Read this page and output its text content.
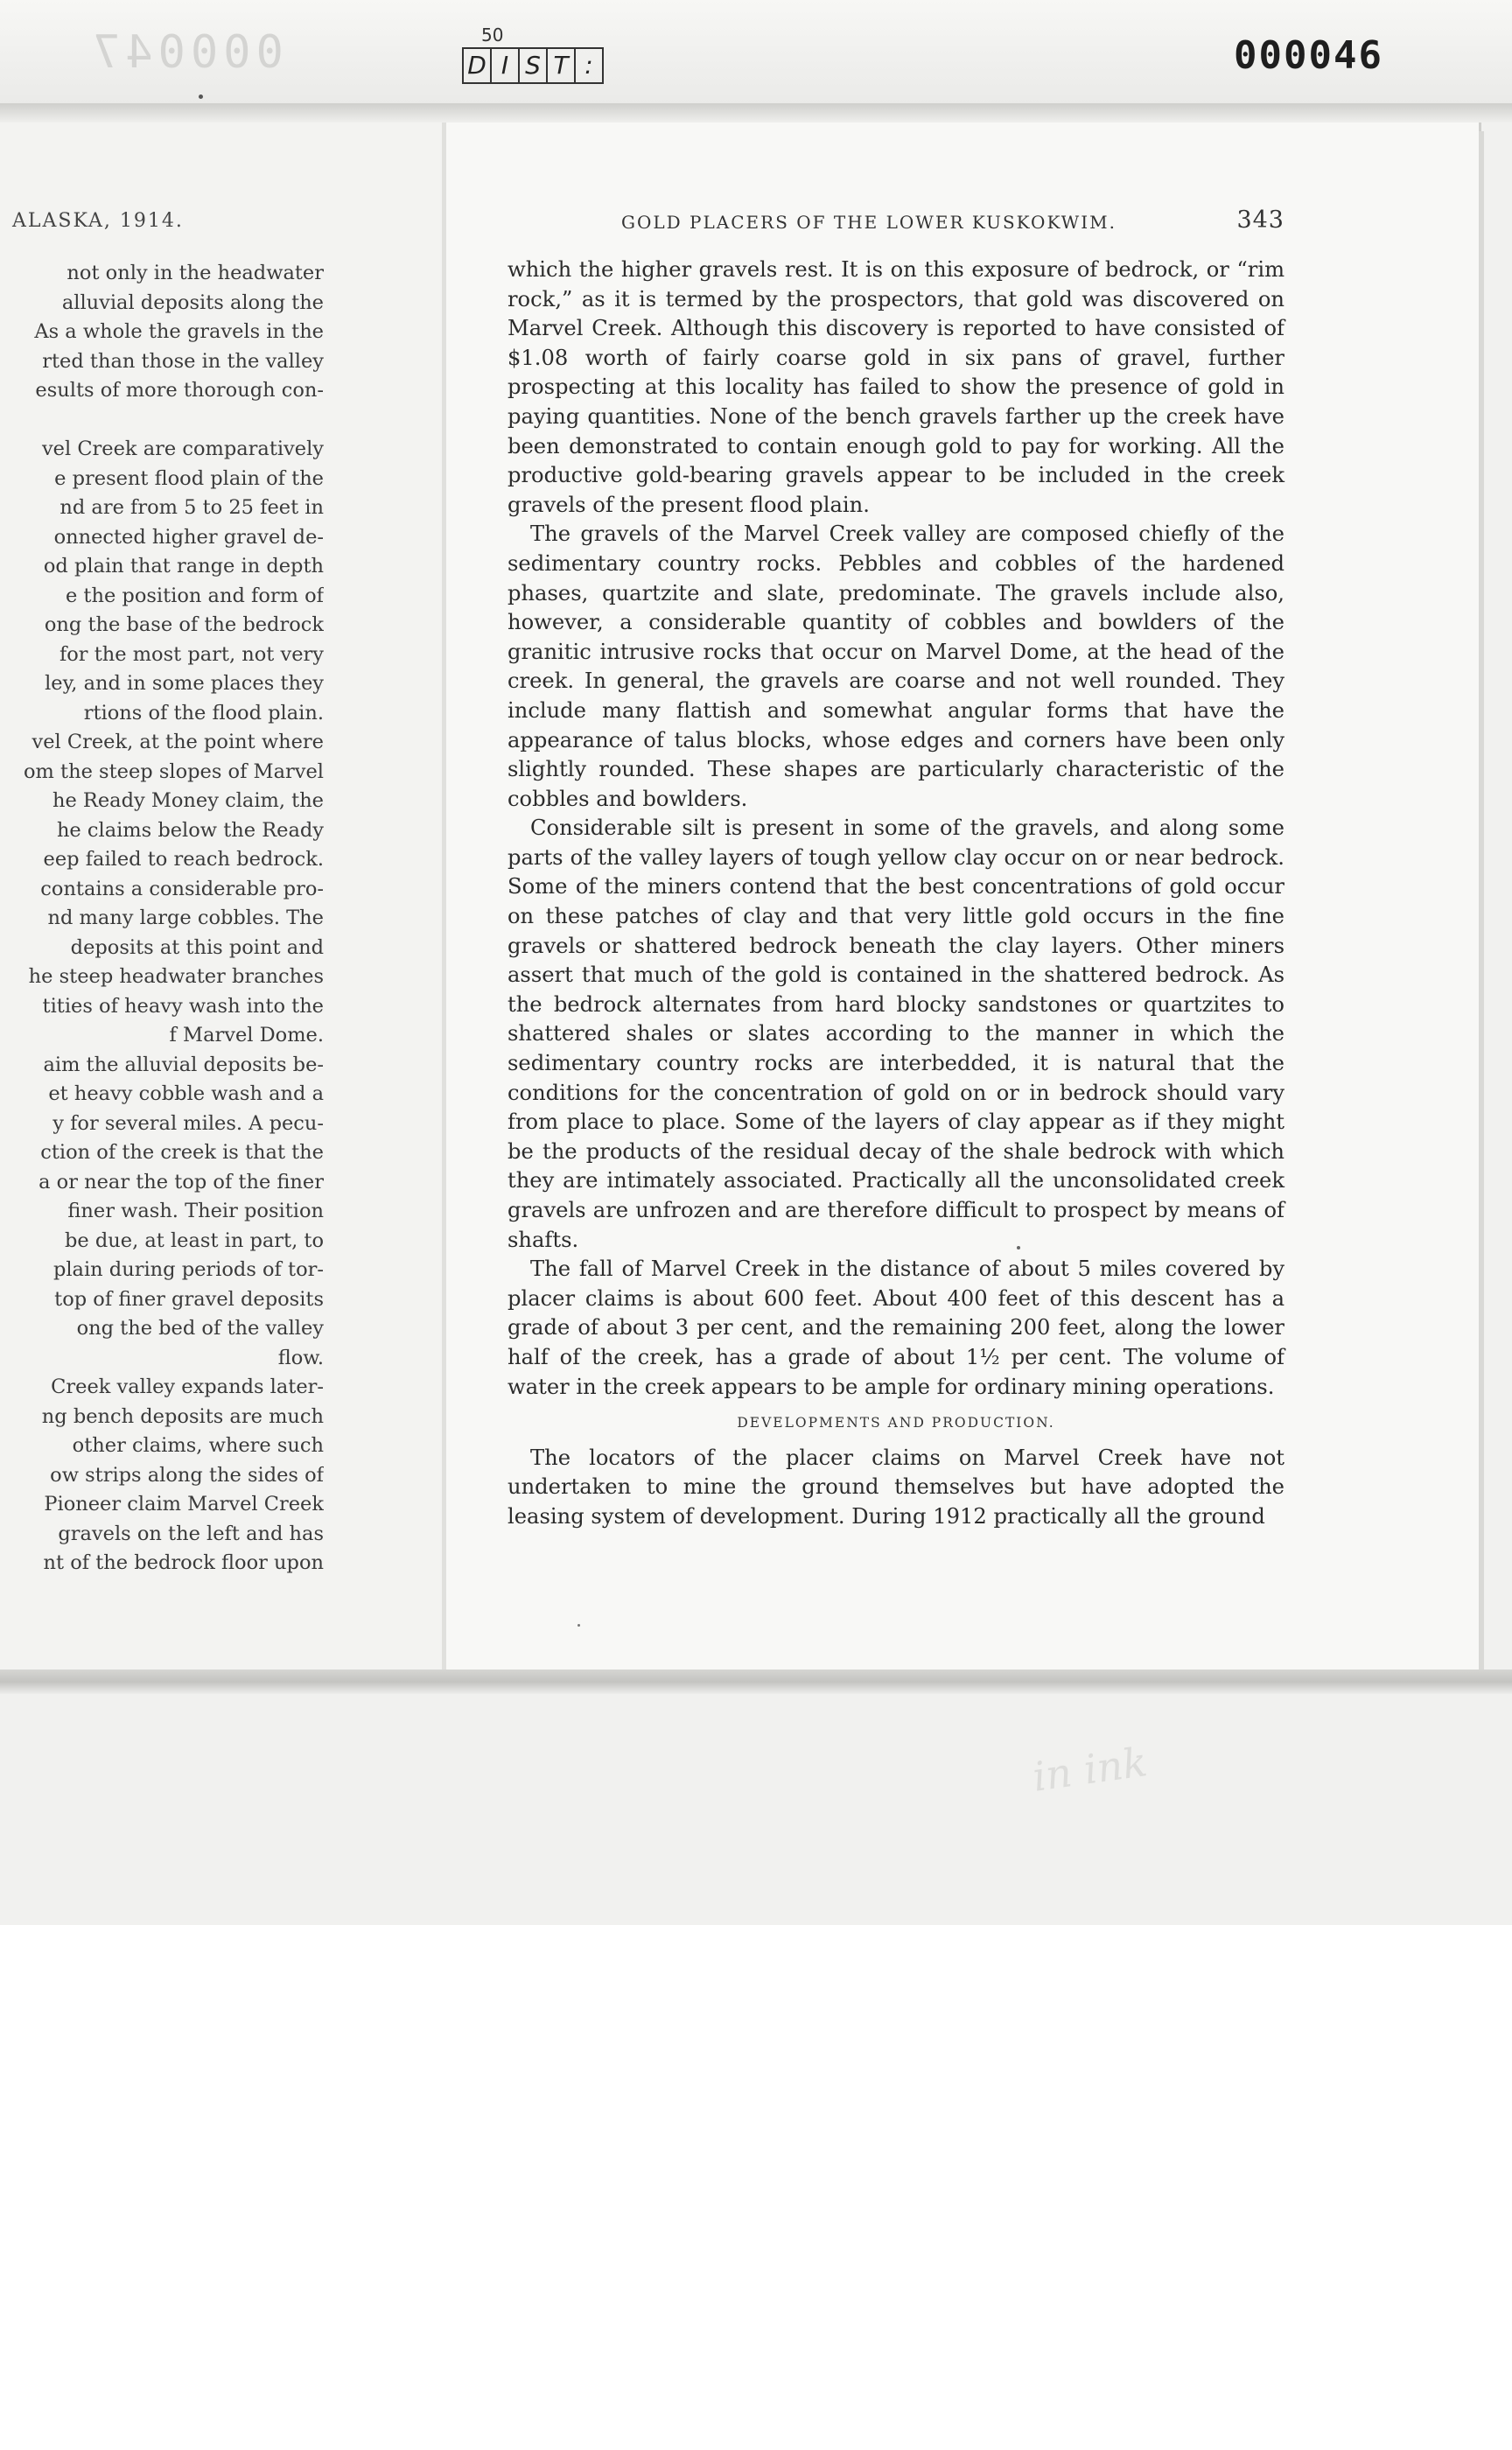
000047	50
D I S T :	000046
ALASKA, 1914.
not only in the headwater
alluvial deposits along the
As a whole the gravels in the
rted than those in the valley
esults of more thorough con-

vel Creek are comparatively
e present flood plain of the
nd are from 5 to 25 feet in
onnected higher gravel de-
od plain that range in depth
e the position and form of
ong the base of the bedrock
for the most part, not very
ley, and in some places they
rtions of the flood plain.
vel Creek, at the point where
om the steep slopes of Marvel
he Ready Money claim, the
he claims below the Ready
eep failed to reach bedrock.
contains a considerable pro-
nd many large cobbles. The
deposits at this point and
he steep headwater branches
tities of heavy wash into the
f Marvel Dome.
aim the alluvial deposits be-
et heavy cobble wash and a
y for several miles. A pecu-
ction of the creek is that the
a or near the top of the finer
finer wash. Their position
be due, at least in part, to
plain during periods of tor-
top of finer gravel deposits
ong the bed of the valley
flow.
Creek valley expands later-
ng bench deposits are much
other claims, where such
ow strips along the sides of
Pioneer claim Marvel Creek
gravels on the left and has
nt of the bedrock floor upon
GOLD PLACERS OF THE LOWER KUSKOKWIM.	343

which the higher gravels rest. It is on this exposure of bedrock, or “rim rock,” as it is termed by the prospectors, that gold was discovered on Marvel Creek. Although this discovery is reported to have consisted of $1.08 worth of fairly coarse gold in six pans of gravel, further prospecting at this locality has failed to show the presence of gold in paying quantities. None of the bench gravels farther up the creek have been demonstrated to contain enough gold to pay for working. All the productive gold-bearing gravels appear to be included in the creek gravels of the present flood plain.

The gravels of the Marvel Creek valley are composed chiefly of the sedimentary country rocks. Pebbles and cobbles of the hardened phases, quartzite and slate, predominate. The gravels include also, however, a considerable quantity of cobbles and bowlders of the granitic intrusive rocks that occur on Marvel Dome, at the head of the creek. In general, the gravels are coarse and not well rounded. They include many flattish and somewhat angular forms that have the appearance of talus blocks, whose edges and corners have been only slightly rounded. These shapes are particularly characteristic of the cobbles and bowlders.

Considerable silt is present in some of the gravels, and along some parts of the valley layers of tough yellow clay occur on or near bedrock. Some of the miners contend that the best concentrations of gold occur on these patches of clay and that very little gold occurs in the fine gravels or shattered bedrock beneath the clay layers. Other miners assert that much of the gold is contained in the shattered bedrock. As the bedrock alternates from hard blocky sandstones or quartzites to shattered shales or slates according to the manner in which the sedimentary country rocks are interbedded, it is natural that the conditions for the concentration of gold on or in bedrock should vary from place to place. Some of the layers of clay appear as if they might be the products of the residual decay of the shale bedrock with which they are intimately associated. Practically all the unconsolidated creek gravels are unfrozen and are therefore difficult to prospect by means of shafts.

The fall of Marvel Creek in the distance of about 5 miles covered by placer claims is about 600 feet. About 400 feet of this descent has a grade of about 3 per cent, and the remaining 200 feet, along the lower half of the creek, has a grade of about 1½ per cent. The volume of water in the creek appears to be ample for ordinary mining operations.

DEVELOPMENTS AND PRODUCTION.

The locators of the placer claims on Marvel Creek have not undertaken to mine the ground themselves but have adopted the leasing system of development. During 1912 practically all the ground

in ink
